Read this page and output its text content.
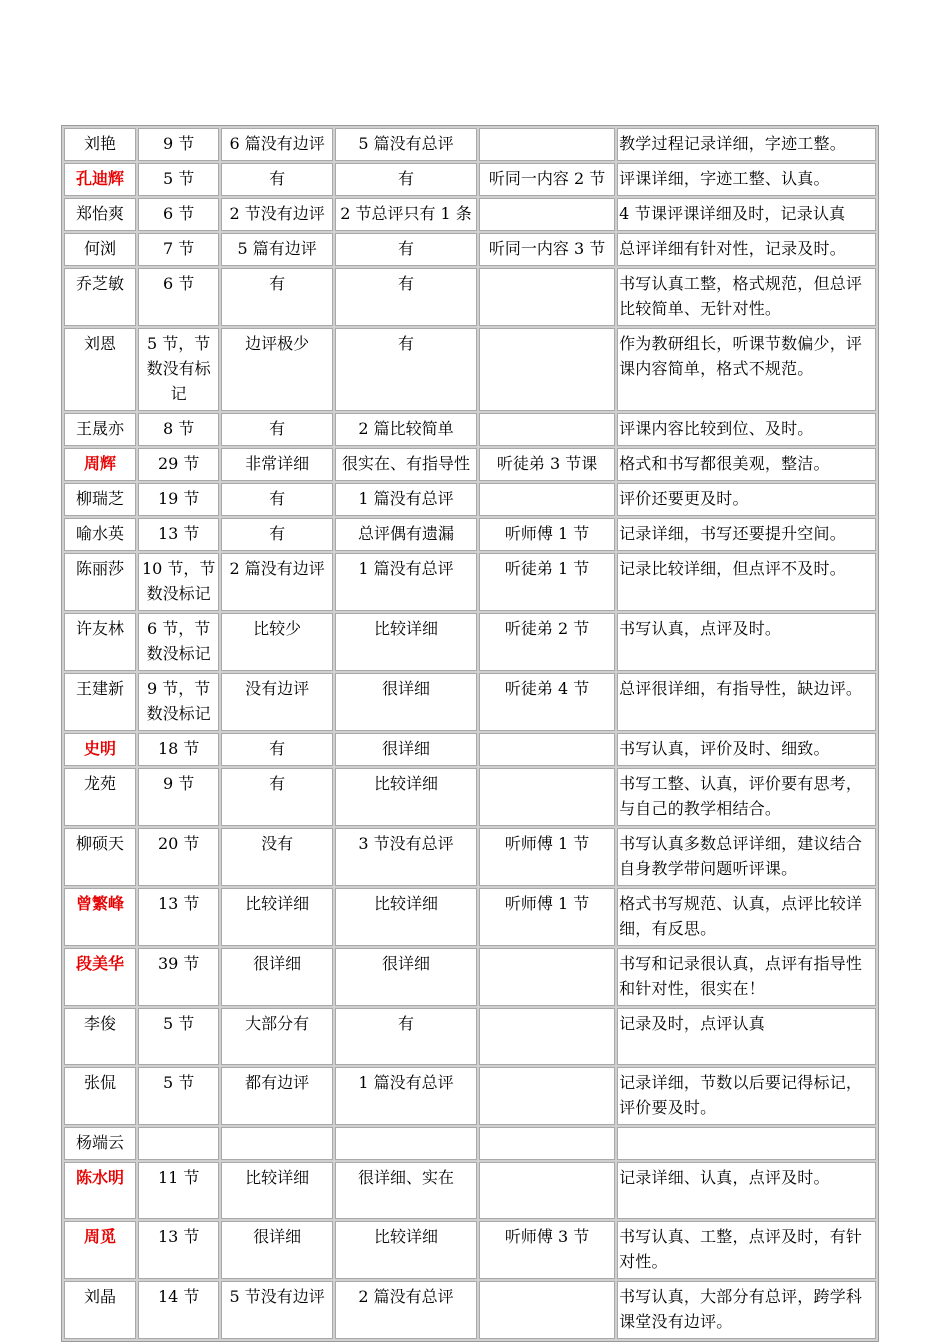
刘艳	9 节	6 篇没有边评	5 篇没有总评		教学过程记录详细，字迹工整。
孔迪辉	5 节	有	有	听同一内容 2 节	评课详细，字迹工整、认真。
郑怡爽	6 节	2 节没有边评	2 节总评只有 1 条		4 节课评课详细及时，记录认真
何浏	7 节	5 篇有边评	有	听同一内容 3 节	总评详细有针对性，记录及时。
乔芝敏	6 节	有	有		书写认真工整，格式规范，但总评比较简单、无针对性。
刘恩	5 节，节数没有标记	边评极少	有		作为教研组长，听课节数偏少，评课内容简单，格式不规范。
王晟亦	8 节	有	2 篇比较简单		评课内容比较到位、及时。
周辉	29 节	非常详细	很实在、有指导性	听徒弟 3 节课	格式和书写都很美观，整洁。
柳瑞芝	19 节	有	1 篇没有总评		评价还要更及时。
喻水英	13 节	有	总评偶有遗漏	听师傅 1 节	记录详细，书写还要提升空间。
陈丽莎	10 节，节数没标记	2 篇没有边评	1 篇没有总评	听徒弟 1 节	记录比较详细，但点评不及时。
许友林	6 节，节数没标记	比较少	比较详细	听徒弟 2 节	书写认真，点评及时。
王建新	9 节，节数没标记	没有边评	很详细	听徒弟 4 节	总评很详细，有指导性，缺边评。
史明	18 节	有	很详细		书写认真，评价及时、细致。
龙苑	9 节	有	比较详细		书写工整、认真，评价要有思考，与自己的教学相结合。
柳硕天	20 节	没有	3 节没有总评	听师傅 1 节	书写认真多数总评详细，建议结合自身教学带问题听评课。
曾繁峰	13 节	比较详细	比较详细	听师傅 1 节	格式书写规范、认真，点评比较详细，有反思。
段美华	39 节	很详细	很详细		书写和记录很认真，点评有指导性和针对性，很实在！
李俊	5 节	大部分有	有		记录及时，点评认真
张侃	5 节	都有边评	1 篇没有总评		记录详细，节数以后要记得标记，评价要及时。
杨端云					
陈水明	11 节	比较详细	很详细、实在		记录详细、认真，点评及时。
周觅	13 节	很详细	比较详细	听师傅 3 节	书写认真、工整，点评及时，有针对性。
刘晶	14 节	5 节没有边评	2 篇没有总评		书写认真，大部分有总评，跨学科课堂没有边评。
